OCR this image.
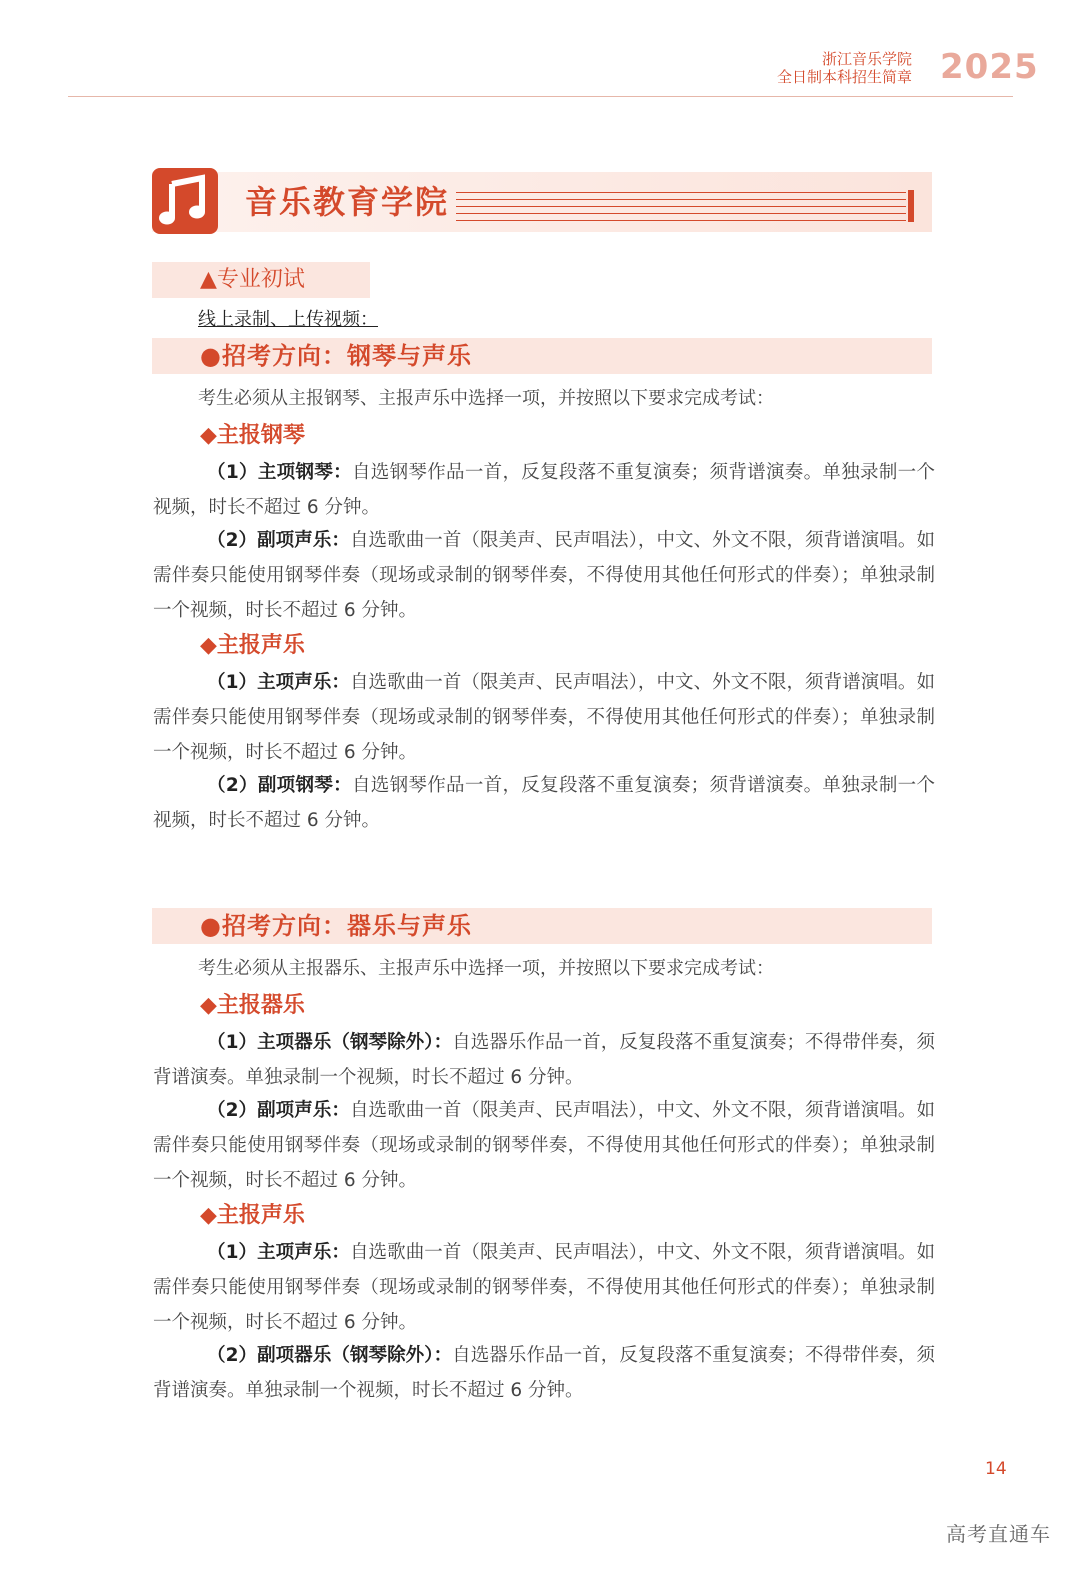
浙江音乐学院
全日制本科招生简章 2025
音乐教育学院
▲专业初试
线上录制、上传视频：
●招考方向：钢琴与声乐
考生必须从主报钢琴、主报声乐中选择一项，并按照以下要求完成考试：
◆主报钢琴
（1）主项钢琴：自选钢琴作品一首，反复段落不重复演奏；须背谱演奏。单独录制一个视频，时长不超过 6 分钟。
（2）副项声乐：自选歌曲一首（限美声、民声唱法），中文、外文不限，须背谱演唱。如需伴奏只能使用钢琴伴奏（现场或录制的钢琴伴奏，不得使用其他任何形式的伴奏）；单独录制一个视频，时长不超过 6 分钟。
◆主报声乐
（1）主项声乐：自选歌曲一首（限美声、民声唱法），中文、外文不限，须背谱演唱。如需伴奏只能使用钢琴伴奏（现场或录制的钢琴伴奏，不得使用其他任何形式的伴奏）；单独录制一个视频，时长不超过 6 分钟。
（2）副项钢琴：自选钢琴作品一首，反复段落不重复演奏；须背谱演奏。单独录制一个视频，时长不超过 6 分钟。
●招考方向：器乐与声乐
考生必须从主报器乐、主报声乐中选择一项，并按照以下要求完成考试：
◆主报器乐
（1）主项器乐（钢琴除外）：自选器乐作品一首，反复段落不重复演奏；不得带伴奏，须背谱演奏。单独录制一个视频，时长不超过 6 分钟。
（2）副项声乐：自选歌曲一首（限美声、民声唱法），中文、外文不限，须背谱演唱。如需伴奏只能使用钢琴伴奏（现场或录制的钢琴伴奏，不得使用其他任何形式的伴奏）；单独录制一个视频，时长不超过 6 分钟。
◆主报声乐
（1）主项声乐：自选歌曲一首（限美声、民声唱法），中文、外文不限，须背谱演唱。如需伴奏只能使用钢琴伴奏（现场或录制的钢琴伴奏，不得使用其他任何形式的伴奏）；单独录制一个视频，时长不超过 6 分钟。
（2）副项器乐（钢琴除外）：自选器乐作品一首，反复段落不重复演奏；不得带伴奏，须背谱演奏。单独录制一个视频，时长不超过 6 分钟。
14
高考直通车
